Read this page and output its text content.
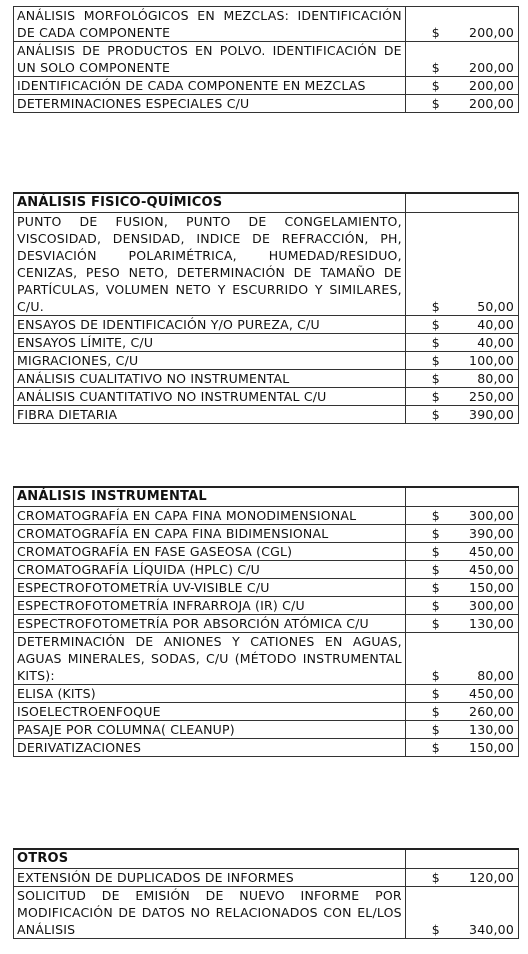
ANÁLISIS MORFOLÓGICOS EN MEZCLAS: IDENTIFICACIÓN DE CADA COMPONENTE	$ 200,00

ANÁLISIS DE PRODUCTOS EN POLVO. IDENTIFICACIÓN DE UN SOLO COMPONENTE	$ 200,00

IDENTIFICACIÓN DE CADA COMPONENTE EN MEZCLAS	$ 200,00

DETERMINACIONES ESPECIALES C/U	$ 200,00
ANÁLISIS FISICO-QUÍMICOS	
PUNTO DE FUSION, PUNTO DE CONGELAMIENTO, VISCOSIDAD, DENSIDAD, INDICE DE REFRACCIÓN, PH, DESVIACIÓN POLARIMÉTRICA, HUMEDAD/RESIDUO, CENIZAS, PESO NETO, DETERMINACIÓN DE TAMAÑO DE PARTÍCULAS, VOLUMEN NETO Y ESCURRIDO Y SIMILARES, C/U.	$ 50,00

ENSAYOS DE IDENTIFICACIÓN Y/O PUREZA, C/U	$ 40,00

ENSAYOS LÍMITE, C/U	$ 40,00

MIGRACIONES, C/U	$ 100,00

ANÁLISIS CUALITATIVO NO INSTRUMENTAL	$ 80,00

ANÁLISIS CUANTITATIVO NO INSTRUMENTAL C/U	$ 250,00

FIBRA DIETARIA	$ 390,00
ANÁLISIS INSTRUMENTAL	
CROMATOGRAFÍA EN CAPA FINA MONODIMENSIONAL	$ 300,00

CROMATOGRAFÍA EN CAPA FINA BIDIMENSIONAL	$ 390,00

CROMATOGRAFÍA EN FASE GASEOSA (CGL)	$ 450,00

CROMATOGRAFÍA LÍQUIDA (HPLC) C/U	$ 450,00

ESPECTROFOTOMETRÍA UV-VISIBLE C/U	$ 150,00

ESPECTROFOTOMETRÍA INFRARROJA (IR) C/U	$ 300,00

ESPECTROFOTOMETRÍA POR ABSORCIÓN ATÓMICA C/U	$ 130,00

DETERMINACIÓN DE ANIONES Y CATIONES EN AGUAS, AGUAS MINERALES, SODAS, C/U (MÉTODO INSTRUMENTAL KITS):	$ 80,00

ELISA (KITS)	$ 450,00

ISOELECTROENFOQUE	$ 260,00

PASAJE POR COLUMNA( CLEANUP)	$ 130,00

DERIVATIZACIONES	$ 150,00
OTROS	
EXTENSIÓN DE DUPLICADOS DE INFORMES	$ 120,00

SOLICITUD DE EMISIÓN DE NUEVO INFORME POR MODIFICACIÓN DE DATOS NO RELACIONADOS CON EL/LOS ANÁLISIS	$ 340,00
